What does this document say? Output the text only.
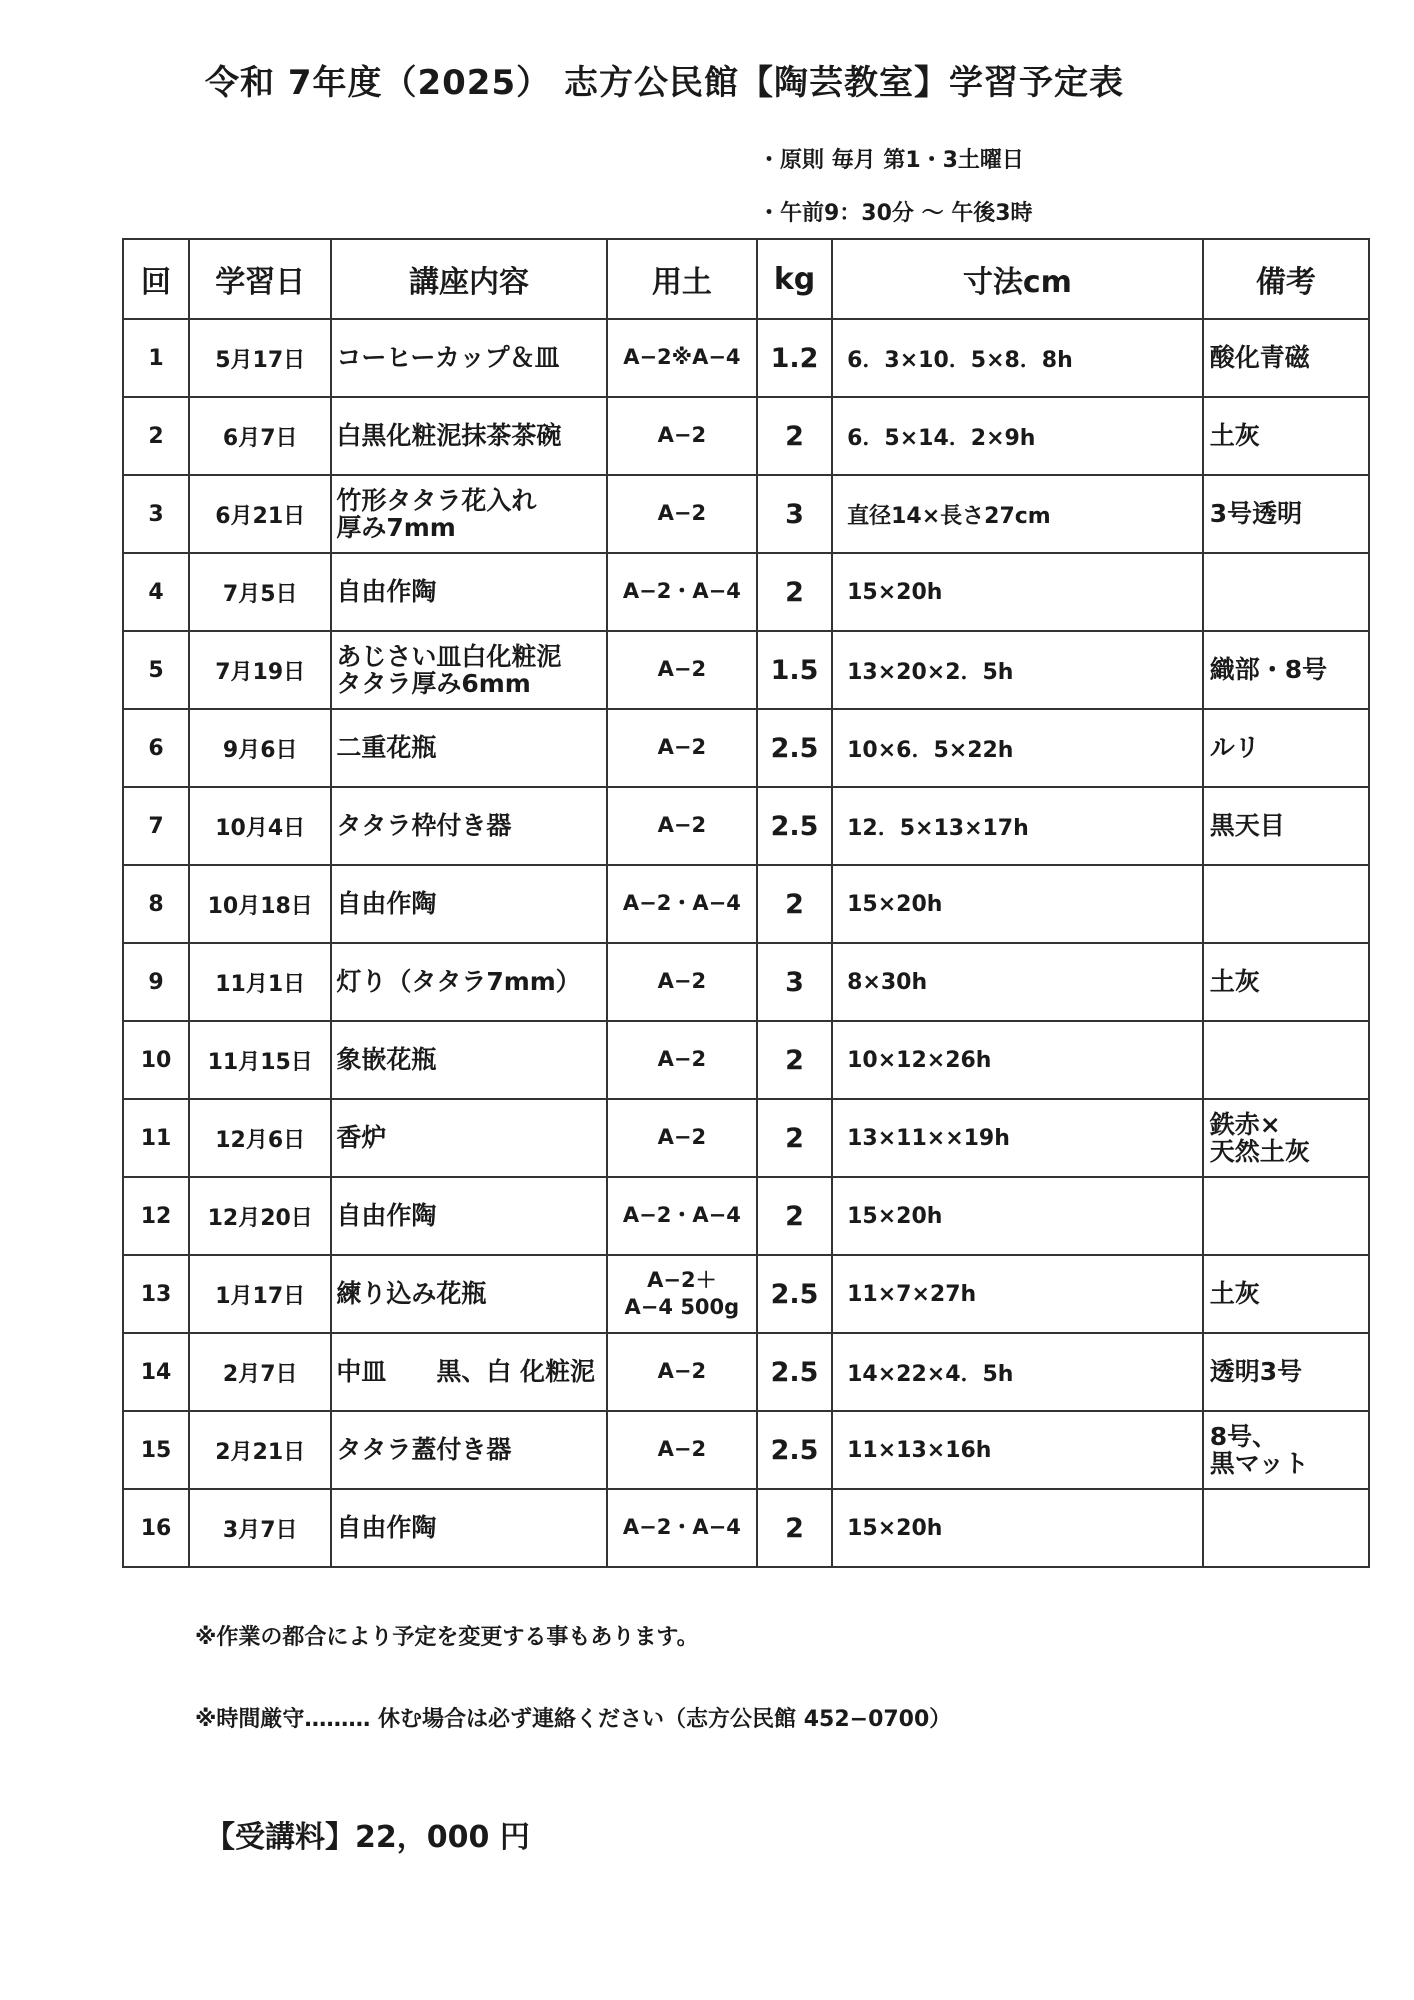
令和 7年度（2025） 志方公民館【陶芸教室】学習予定表
・原則 毎月 第1・3土曜日
・午前9：30分 ～ 午後3時
回	学習日	講座内容	用土	kg	寸法cm	備考
1	5月17日	コーヒーカップ＆皿	A−2※A−4	1.2	6．3×10．5×8．8h	酸化青磁
2	6月7日	白黒化粧泥抹茶茶碗	A−2	2	6．5×14．2×9h	土灰
3	6月21日	竹形タタラ花入れ
厚み7mm	A−2	3	直径14×長さ27cm	3号透明
4	7月5日	自由作陶	A−2・A−4	2	15×20h	
5	7月19日	あじさい皿白化粧泥
タタラ厚み6mm	A−2	1.5	13×20×2．5h	織部・8号
6	9月6日	二重花瓶	A−2	2.5	10×6．5×22h	ルリ
7	10月4日	タタラ枠付き器	A−2	2.5	12．5×13×17h	黒天目
8	10月18日	自由作陶	A−2・A−4	2	15×20h	
9	11月1日	灯り（タタラ7mm）	A−2	3	8×30h	土灰
10	11月15日	象嵌花瓶	A−2	2	10×12×26h	
11	12月6日	香炉	A−2	2	13×11××19h	鉄赤×
天然土灰
12	12月20日	自由作陶	A−2・A−4	2	15×20h	
13	1月17日	練り込み花瓶	A−2＋
A−4 500g	2.5	11×7×27h	土灰
14	2月7日	中皿　　黒、白 化粧泥	A−2	2.5	14×22×4．5h	透明3号
15	2月21日	タタラ蓋付き器	A−2	2.5	11×13×16h	8号、
黒マット
16	3月7日	自由作陶	A−2・A−4	2	15×20h	
※作業の都合により予定を変更する事もあります。
※時間厳守……… 休む場合は必ず連絡ください（志方公民館 452−0700）
【受講料】22，000 円
